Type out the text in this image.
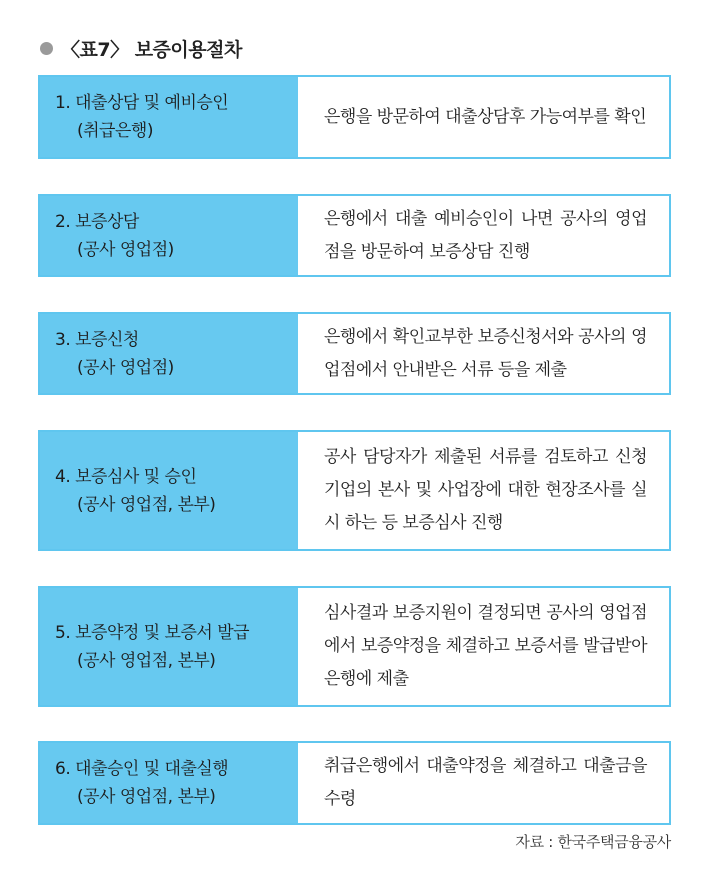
〈표7〉 보증이용절차
1. 대출상담 및 예비승인
(취급은행)
은행을 방문하여 대출상담후 가능여부를 확인
2. 보증상담
(공사 영업점)
은행에서 대출 예비승인이 나면 공사의 영업점을 방문하여 보증상담 진행
3. 보증신청
(공사 영업점)
은행에서 확인교부한 보증신청서와 공사의 영업점에서 안내받은 서류 등을 제출
4. 보증심사 및 승인
(공사 영업점, 본부)
공사 담당자가 제출된 서류를 검토하고 신청기업의 본사 및 사업장에 대한 현장조사를 실시 하는 등 보증심사 진행
5. 보증약정 및 보증서 발급
(공사 영업점, 본부)
심사결과 보증지원이 결정되면 공사의 영업점에서 보증약정을 체결하고 보증서를 발급받아 은행에 제출
6. 대출승인 및 대출실행
(공사 영업점, 본부)
취급은행에서 대출약정을 체결하고 대출금을 수령
자료 : 한국주택금융공사
